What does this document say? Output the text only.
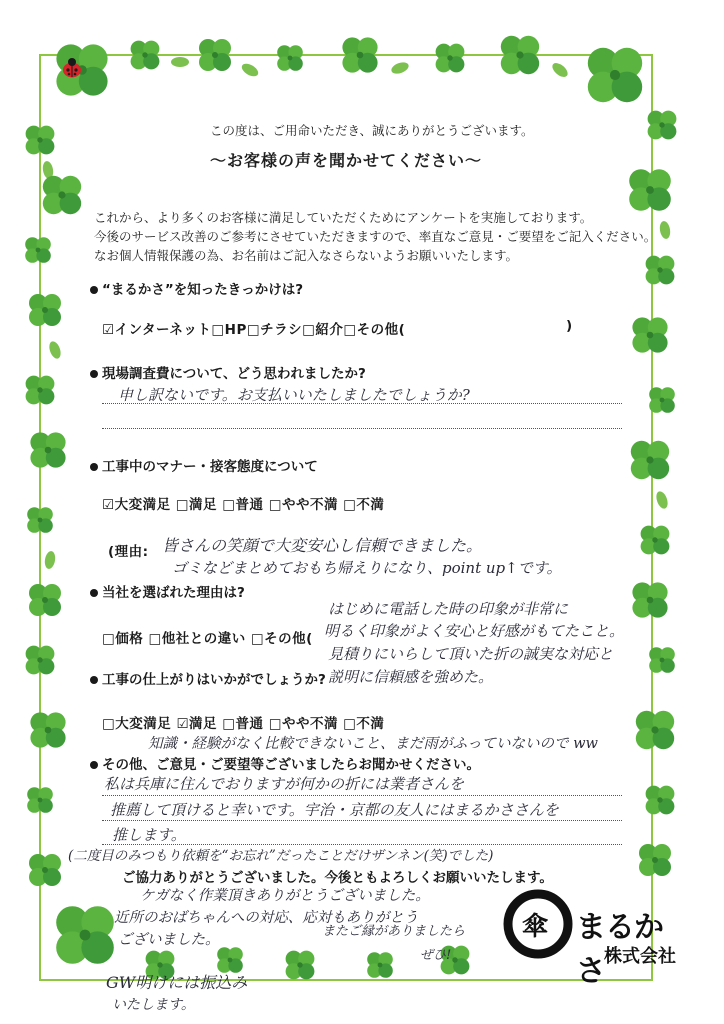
この度は、ご用命いただき、誠にありがとうございます。
～お客様の声を聞かせてください～
これから、より多くのお客様に満足していただくためにアンケートを実施しております。
今後のサービス改善のご参考にさせていただきますので、率直なご意見・ご要望をご記入ください。
なお個人情報保護の為、お名前はご記入なさらないようお願いいたします。
“まるかさ”を知ったきっかけは?
☑インターネット□HP□チラシ□紹介□その他(	)
現場調査費について、どう思われましたか?
申し訳ないです。お支払いいたしましたでしょうか?
工事中のマナー・接客態度について
☑大変満足 □満足 □普通 □やや不満 □不満
(理由: 皆さんの笑顔で大変安心し信頼できました。
ゴミなどまとめておもち帰えりになり、point up↑です。
当社を選ばれた理由は?
□価格 □他社との違い □その他(
はじめに電話した時の印象が非常に
明るく印象がよく安心と好感がもてたこと。
見積りにいらして頂いた折の誠実な対応と
説明に信頼感を強めた。
工事の仕上がりはいかがでしょうか?
□大変満足 ☑満足 □普通 □やや不満 □不満
知識・経験がなく比較できないこと、まだ雨がふっていないので ww
その他、ご意見・ご要望等ございましたらお聞かせください。
私は兵庫に住んでおりますが何かの折には業者さんを
推薦して頂けると幸いです。宇治・京都の友人にはまるかささんを
推します。
(二度目のみつもり依頼を“お忘れ”だったことだけザンネン(笑)でした)
ご協力ありがとうございました。今後ともよろしくお願いいたします。
ケガなく作業頂きありがとうございました。
近所のおばちゃんへの対応、応対もありがとう
ございました。
またご縁がありましたら
ぜひ!
GW明けには振込み
いたします。
傘 まるかさ 株式会社
